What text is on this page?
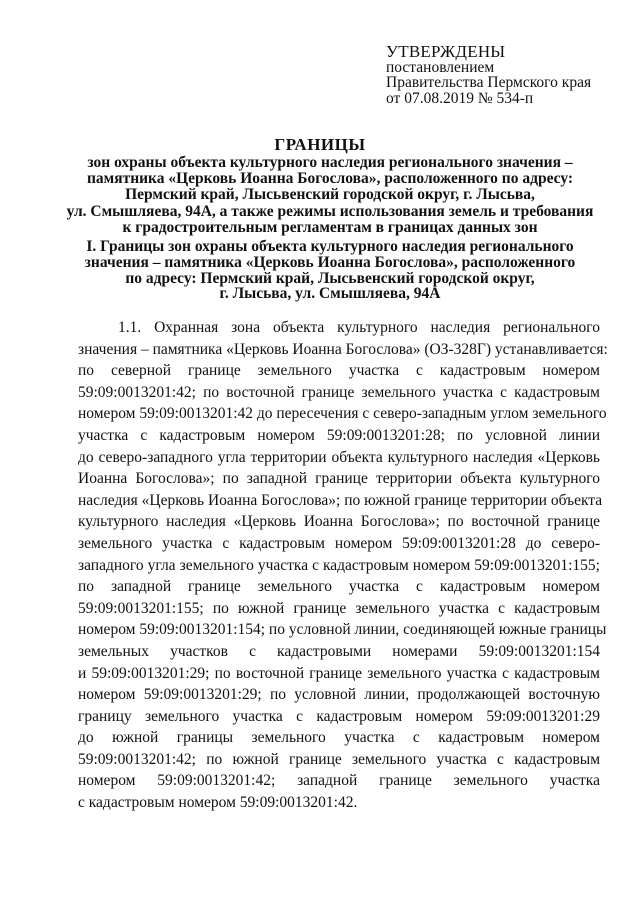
УТВЕРЖДЕНЫ
постановлением
Правительства Пермского края
от 07.08.2019 № 534-п
ГРАНИЦЫ
зон охраны объекта культурного наследия регионального значения –
памятника «Церковь Иоанна Богослова», расположенного по адресу:
Пермский край, Лысьвенский городской округ, г. Лысьва,
ул. Смышляева, 94А, а также режимы использования земель и требования
к градостроительным регламентам в границах данных зон
I. Границы зон охраны объекта культурного наследия регионального
значения – памятника «Церковь Иоанна Богослова», расположенного
по адресу: Пермский край, Лысьвенский городской округ,
г. Лысьва, ул. Смышляева, 94А
1.1. Охранная зона объекта культурного наследия регионального
значения – памятника «Церковь Иоанна Богослова» (ОЗ-328Г) устанавливается:
по северной границе земельного участка с кадастровым номером
59:09:0013201:42; по восточной границе земельного участка с кадастровым
номером 59:09:0013201:42 до пересечения с северо-западным углом земельного
участка с кадастровым номером 59:09:0013201:28; по условной линии
до северо-западного угла территории объекта культурного наследия «Церковь
Иоанна Богослова»; по западной границе территории объекта культурного
наследия «Церковь Иоанна Богослова»; по южной границе территории объекта
культурного наследия «Церковь Иоанна Богослова»; по восточной границе
земельного участка с кадастровым номером 59:09:0013201:28 до северо-
западного угла земельного участка с кадастровым номером 59:09:0013201:155;
по западной границе земельного участка с кадастровым номером
59:09:0013201:155; по южной границе земельного участка с кадастровым
номером 59:09:0013201:154; по условной линии, соединяющей южные границы
земельных участков с кадастровыми номерами 59:09:0013201:154
и 59:09:0013201:29; по восточной границе земельного участка с кадастровым
номером 59:09:0013201:29; по условной линии, продолжающей восточную
границу земельного участка с кадастровым номером 59:09:0013201:29
до южной границы земельного участка с кадастровым номером
59:09:0013201:42; по южной границе земельного участка с кадастровым
номером 59:09:0013201:42; западной границе земельного участка
с кадастровым номером 59:09:0013201:42.
